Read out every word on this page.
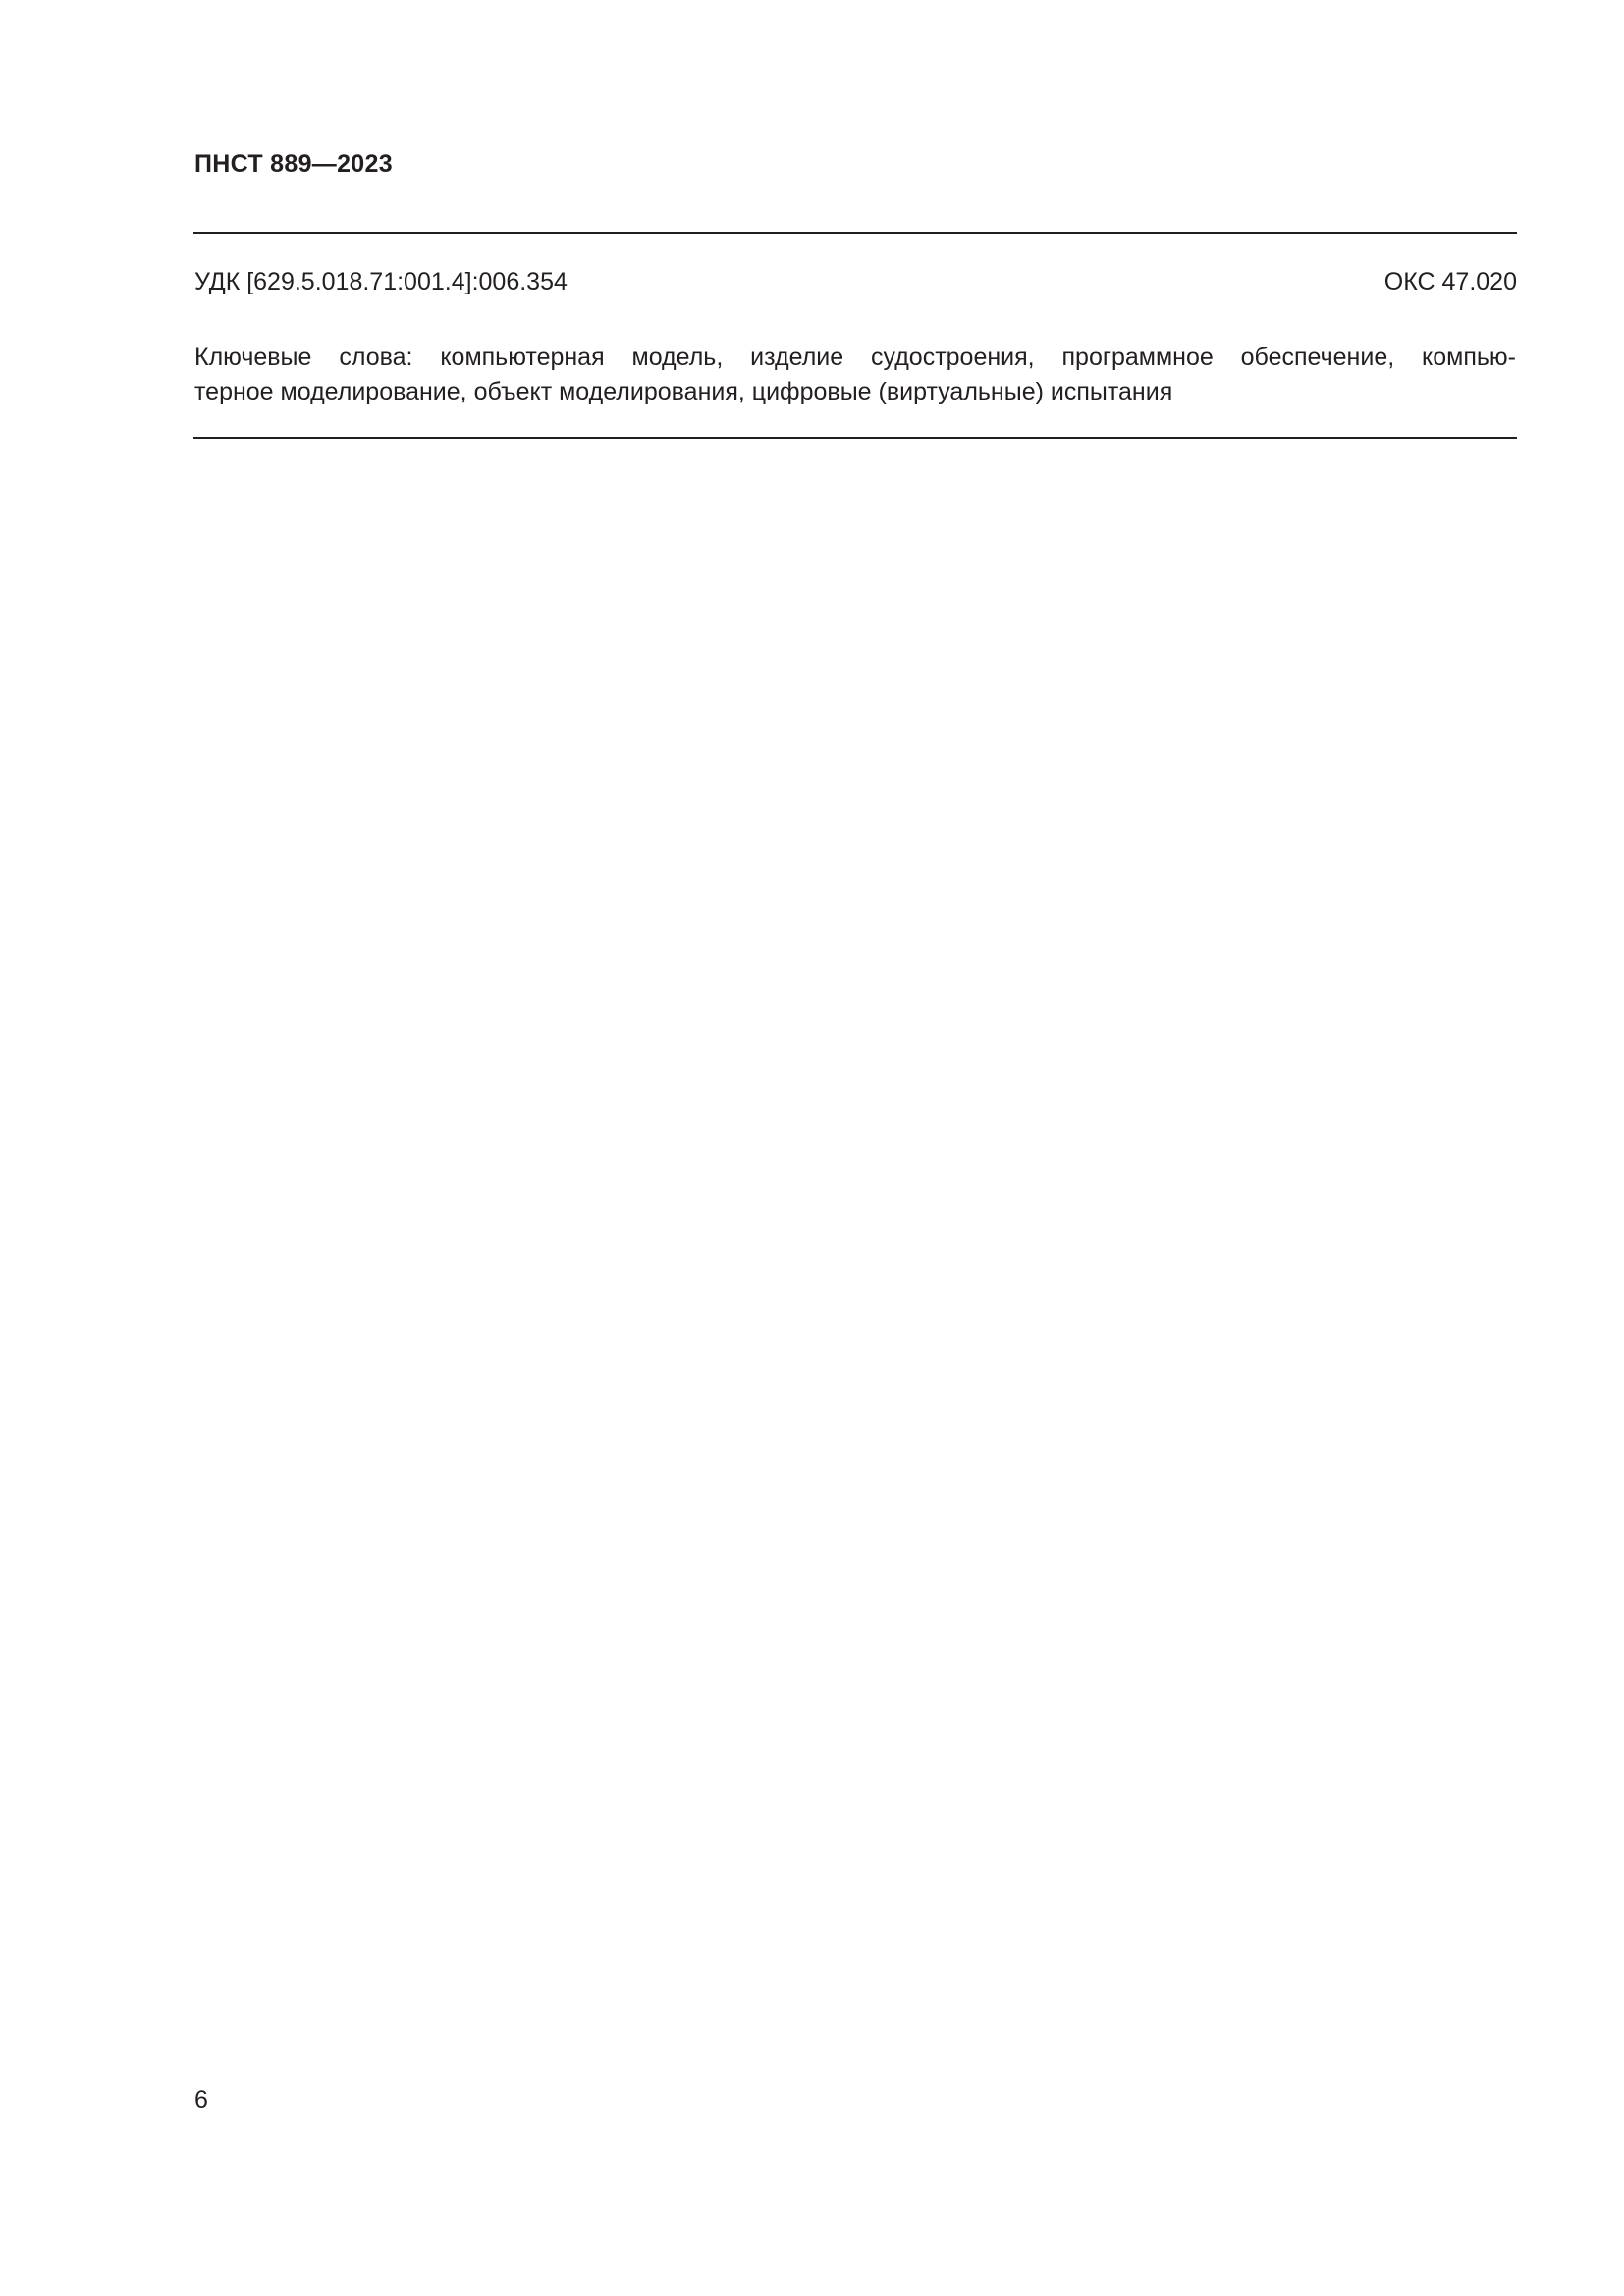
ПНСТ 889—2023
УДК [629.5.018.71:001.4]:006.354	ОКС 47.020
Ключевые слова: компьютерная модель, изделие судостроения, программное обеспечение, компью-
терное моделирование, объект моделирования, цифровые (виртуальные) испытания
6
